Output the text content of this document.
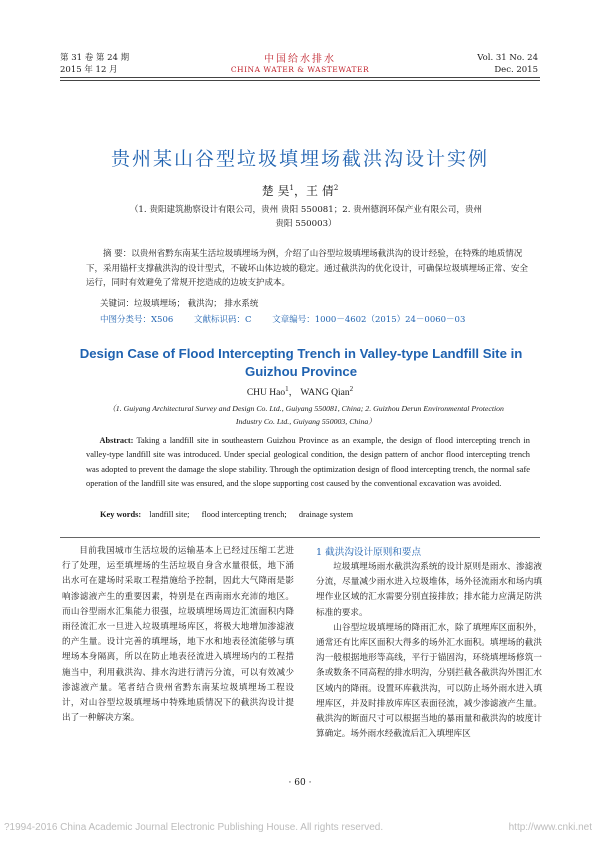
第 31 卷 第 24 期
2015 年 12 月
中国给水排水
CHINA WATER & WASTEWATER
Vol. 31 No. 24
Dec. 2015
贵州某山谷型垃圾填埋场截洪沟设计实例
楚 昊$^1$，王 倩$^2$
（1. 贵阳建筑勘察设计有限公司，贵州 贵阳 550081；2. 贵州德润环保产业有限公司，贵州 贵阳 550003）
摘 要：以贵州省黔东南某生活垃圾填埋场为例，介绍了山谷型垃圾填埋场截洪沟的设计经验，在特殊的地质情况下，采用锚杆支撑截洪沟的设计型式，不破坏山体边坡的稳定。通过截洪沟的优化设计，可确保垃圾填埋场正常、安全运行，同时有效避免了常规开挖造成的边坡支护成本。
关键词：垃圾填埋场； 截洪沟； 排水系统
中图分类号：X506 文献标识码：C 文章编号：1000－4602（2015）24－0060－03
Design Case of Flood Intercepting Trench in Valley-type Landfill Site in Guizhou Province
CHU Hao$^1$， WANG Qian$^2$
（1. Guiyang Architectural Survey and Design Co. Ltd., Guiyang 550081, China; 2. Guizhou Derun Environmental Protection Industry Co. Ltd., Guiyang 550003, China）
Abstract: Taking a landfill site in southeastern Guizhou Province as an example, the design of flood intercepting trench in valley-type landfill site was introduced. Under special geological condition, the design pattern of anchor flood intercepting trench was adopted to prevent the damage the slope stability. Through the optimization design of flood intercepting trench, the normal safe operation of the landfill site was ensured, and the slope supporting cost caused by the conventional excavation was avoided.
Key words: landfill site; flood intercepting trench; drainage system
目前我国城市生活垃圾的运输基本上已经过压缩工艺进行了处理，运至填埋场的生活垃圾自身含水量很低，地下涌出水可在建场时采取工程措施给予控制，因此大气降雨是影响渗滤液产生的重要因素，特别是在西南雨水充沛的地区。而山谷型雨水汇集能力很强，垃圾填埋场周边汇流面积内降雨径流汇水一旦进入垃圾填埋场库区，将极大地增加渗滤液的产生量。设计完善的填埋场，地下水和地表径流能够与填埋场本身隔离，所以在防止地表径流进入填埋场内的工程措施当中，利用截洪沟、排水沟进行清污分流，可以有效减少渗滤液产量。笔者结合贵州省黔东南某垃圾填埋场工程设计，对山谷型垃圾填埋场中特殊地质情况下的截洪沟设计提出了一种解决方案。
1 截洪沟设计原则和要点

垃圾填埋场雨水截洪沟系统的设计原则是雨水、渗滤液分流，尽量减少雨水进入垃圾堆体，场外径流雨水和场内填埋作业区域的汇水需要分别直接排放；排水能力应满足防洪标准的要求。

山谷型垃圾填埋场的降雨汇水，除了填埋库区面积外，通常还有比库区面积大得多的场外汇水面积。填埋场的截洪沟一般根据地形等高线，平行于锚固沟，环绕填埋场修筑一条或数条不同高程的排水明沟，分别拦截各截洪沟外围汇水区域内的降雨。设置环库截洪沟，可以防止场外雨水进入填埋库区，并及时排放库库区表面径流，减少渗滤液产生量。截洪沟的断面尺寸可以根据当地的暴雨量和截洪沟的坡度计算确定。场外雨水经截流后汇入填埋库区

· 60 ·
?1994-2016 China Academic Journal Electronic Publishing House. All rights reserved.	http://www.cnki.net
